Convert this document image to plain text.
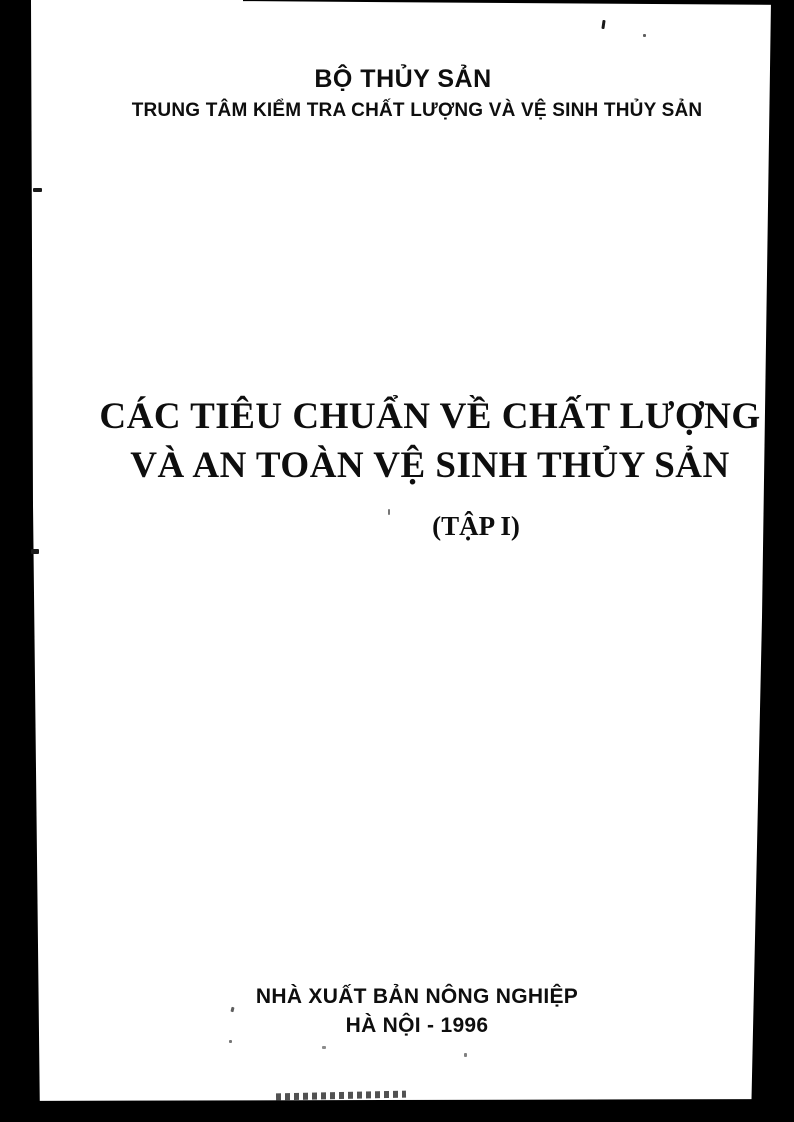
BỘ THỦY SẢN
TRUNG TÂM KIỂM TRA CHẤT LƯỢNG VÀ VỆ SINH THỦY SẢN
CÁC TIÊU CHUẨN VỀ CHẤT LƯỢNG
VÀ AN TOÀN VỆ SINH THỦY SẢN
(TẬP I)
NHÀ XUẤT BẢN NÔNG NGHIỆP
HÀ NỘI - 1996
